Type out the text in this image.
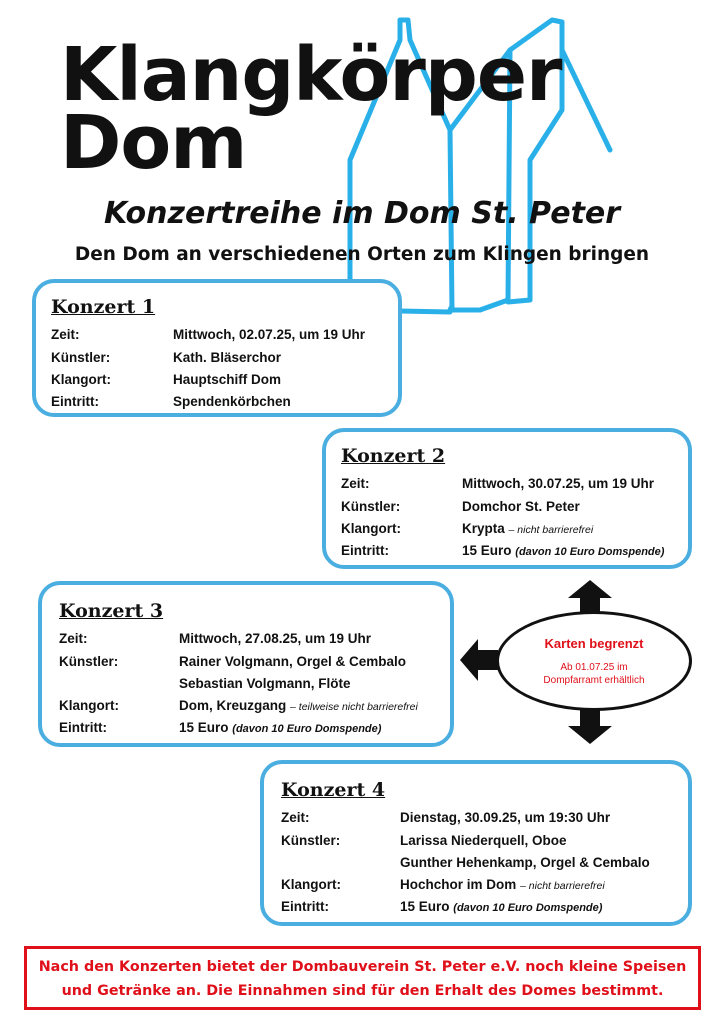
Klangkörper
Dom
Konzertreihe im Dom St. Peter
Den Dom an verschiedenen Orten zum Klingen bringen
Konzert 1
Zeit:	Mittwoch, 02.07.25, um 19 Uhr
Künstler:	Kath. Bläserchor
Klangort:	Hauptschiff Dom
Eintritt:	Spendenkörbchen
Konzert 2
Zeit:	Mittwoch, 30.07.25, um 19 Uhr
Künstler:	Domchor St. Peter
Klangort:	Krypta – nicht barrierefrei
Eintritt:	15 Euro (davon 10 Euro Domspende)
Konzert 3
Zeit:	Mittwoch, 27.08.25, um 19 Uhr
Künstler:	Rainer Volgmann, Orgel & Cembalo
Sebastian Volgmann, Flöte
Klangort:	Dom, Kreuzgang – teilweise nicht barrierefrei
Eintritt:	15 Euro (davon 10 Euro Domspende)
Karten begrenzt
Ab 01.07.25 im
Dompfarramt erhältlich
Konzert 4
Zeit:	Dienstag, 30.09.25, um 19:30 Uhr
Künstler:	Larissa Niederquell, Oboe
Gunther Hehenkamp, Orgel & Cembalo
Klangort:	Hochchor im Dom – nicht barrierefrei
Eintritt:	15 Euro (davon 10 Euro Domspende)
Nach den Konzerten bietet der Dombauverein St. Peter e.V. noch kleine Speisen
und Getränke an. Die Einnahmen sind für den Erhalt des Domes bestimmt.
